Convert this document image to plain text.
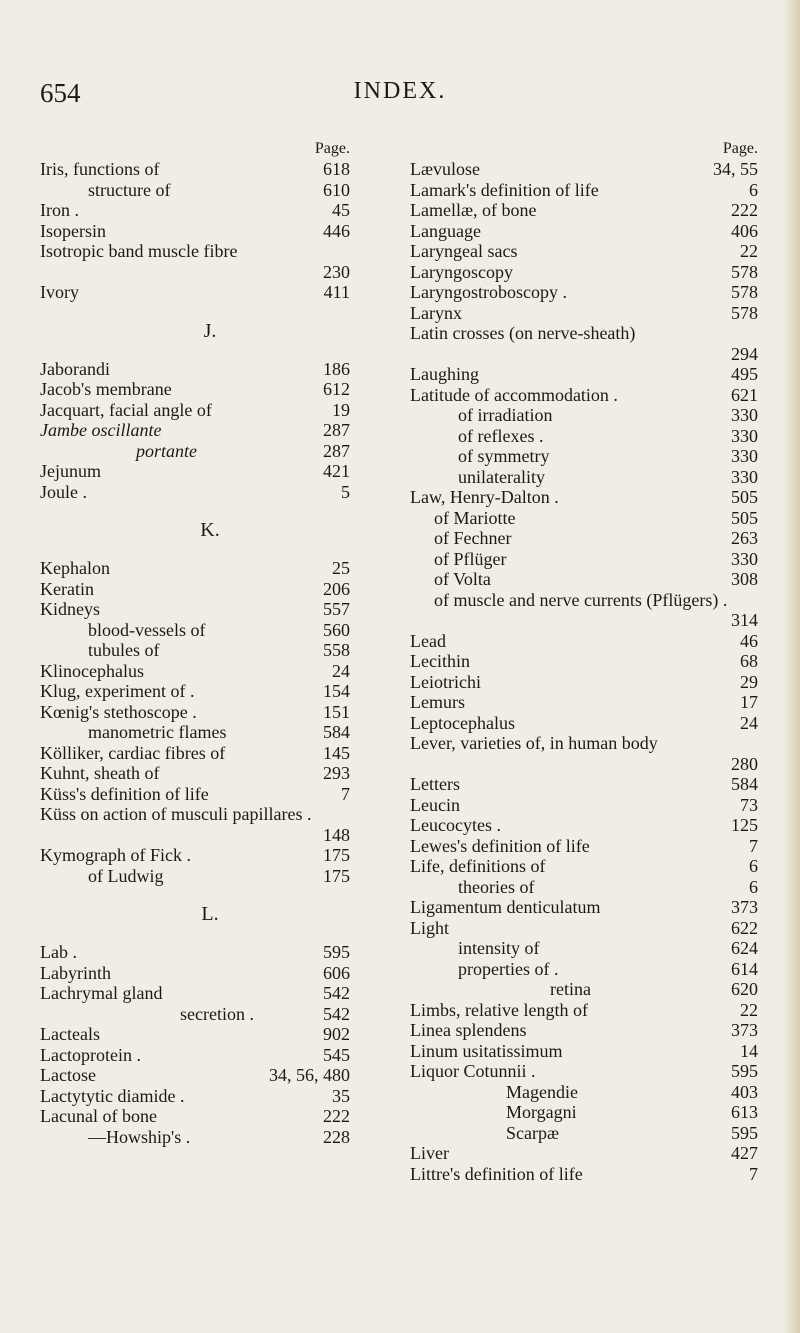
654	INDEX.
Page.
Iris, functions of	618
structure of	610
Iron .	45
Isopersin	446
Isotropic band muscle fibre
230
Ivory	411
J.
Jaborandi	186
Jacob's membrane	612
Jacquart, facial angle of	19
Jambe oscillante	287
portante	287
Jejunum	421
Joule .	5
K.
Kephalon	25
Keratin	206
Kidneys	557
blood-vessels of	560
tubules of	558
Klinocephalus	24
Klug, experiment of .	154
Kœnig's stethoscope .	151
manometric flames	584
Kölliker, cardiac fibres of	145
Kuhnt, sheath of	293
Küss's definition of life	7
Küss on action of musculi papillares .
148
Kymograph of Fick .	175
of Ludwig	175
L.
Lab .	595
Labyrinth	606
Lachrymal gland	542
secretion .	542
Lacteals	902
Lactoprotein .	545
Lactose	34, 56, 480
Lactytytic diamide .	35
Lacunal of bone	222
—Howship's .	228
Page.
Lævulose	34, 55
Lamark's definition of life	6
Lamellæ, of bone	222
Language	406
Laryngeal sacs	22
Laryngoscopy	578
Laryngostroboscopy .	578
Larynx	578
Latin crosses (on nerve-sheath)
294
Laughing	495
Latitude of accommodation .	621
of irradiation	330
of reflexes .	330
of symmetry	330
unilaterality	330
Law, Henry-Dalton .	505
of Mariotte	505
of Fechner	263
of Pflüger	330
of Volta	308
of muscle and nerve currents (Pflügers) .
314
Lead	46
Lecithin	68
Leiotrichi	29
Lemurs	17
Leptocephalus	24
Lever, varieties of, in human body
280
Letters	584
Leucin	73
Leucocytes .	125
Lewes's definition of life	7
Life, definitions of	6
theories of	6
Ligamentum denticulatum	373
Light	622
intensity of	624
properties of .	614
retina	620
Limbs, relative length of	22
Linea splendens	373
Linum usitatissimum	14
Liquor Cotunnii .	595
Magendie	403
Morgagni	613
Scarpæ	595
Liver	427
Littre's definition of life	7
